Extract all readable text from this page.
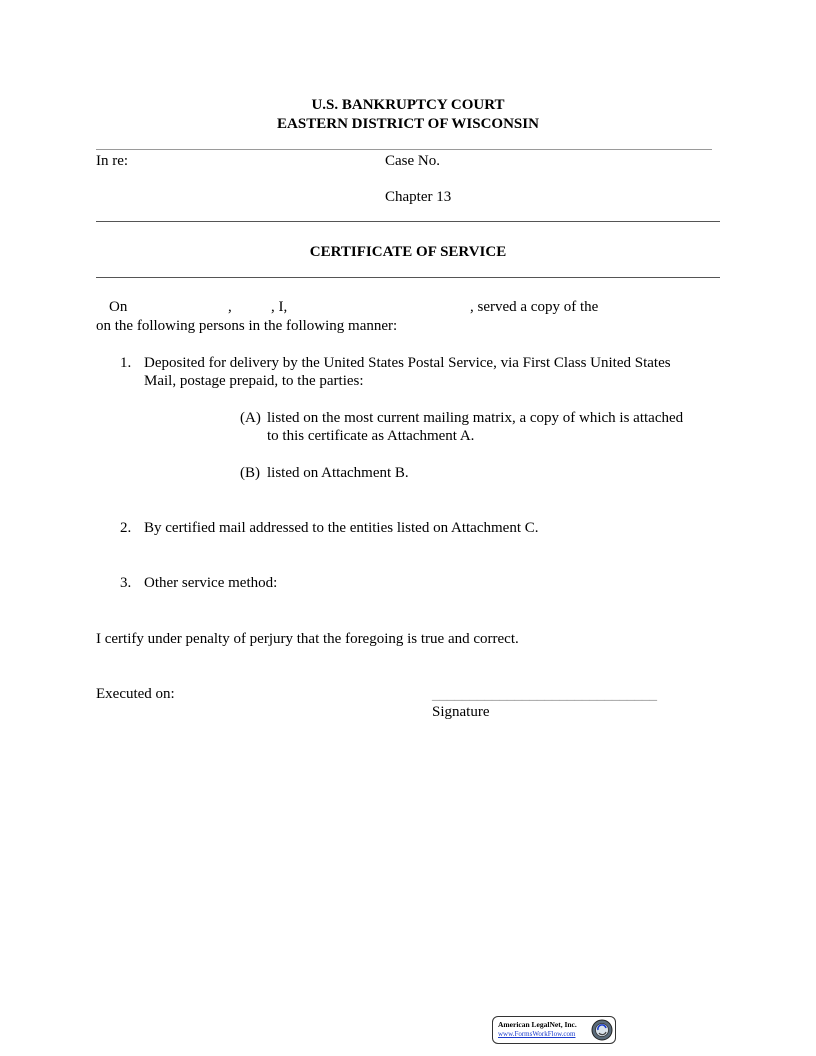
U.S. BANKRUPTCY COURT
EASTERN DISTRICT OF WISCONSIN
In re:	Case No.
Chapter 13
CERTIFICATE OF SERVICE
On	,	, I,	, served a copy of the
on the following persons in the following manner:
1. Deposited for delivery by the United States Postal Service, via First Class United States
Mail, postage prepaid, to the parties:
(A) listed on the most current mailing matrix, a copy of which is attached
to this certificate as Attachment A.
(B) listed on Attachment B.
2. By certified mail addressed to the entities listed on Attachment C.
3. Other service method:
I certify under penalty of perjury that the foregoing is true and correct.
Executed on:	______________________________
Signature
American LegalNet, Inc.
www.FormsWorkFlow.com
